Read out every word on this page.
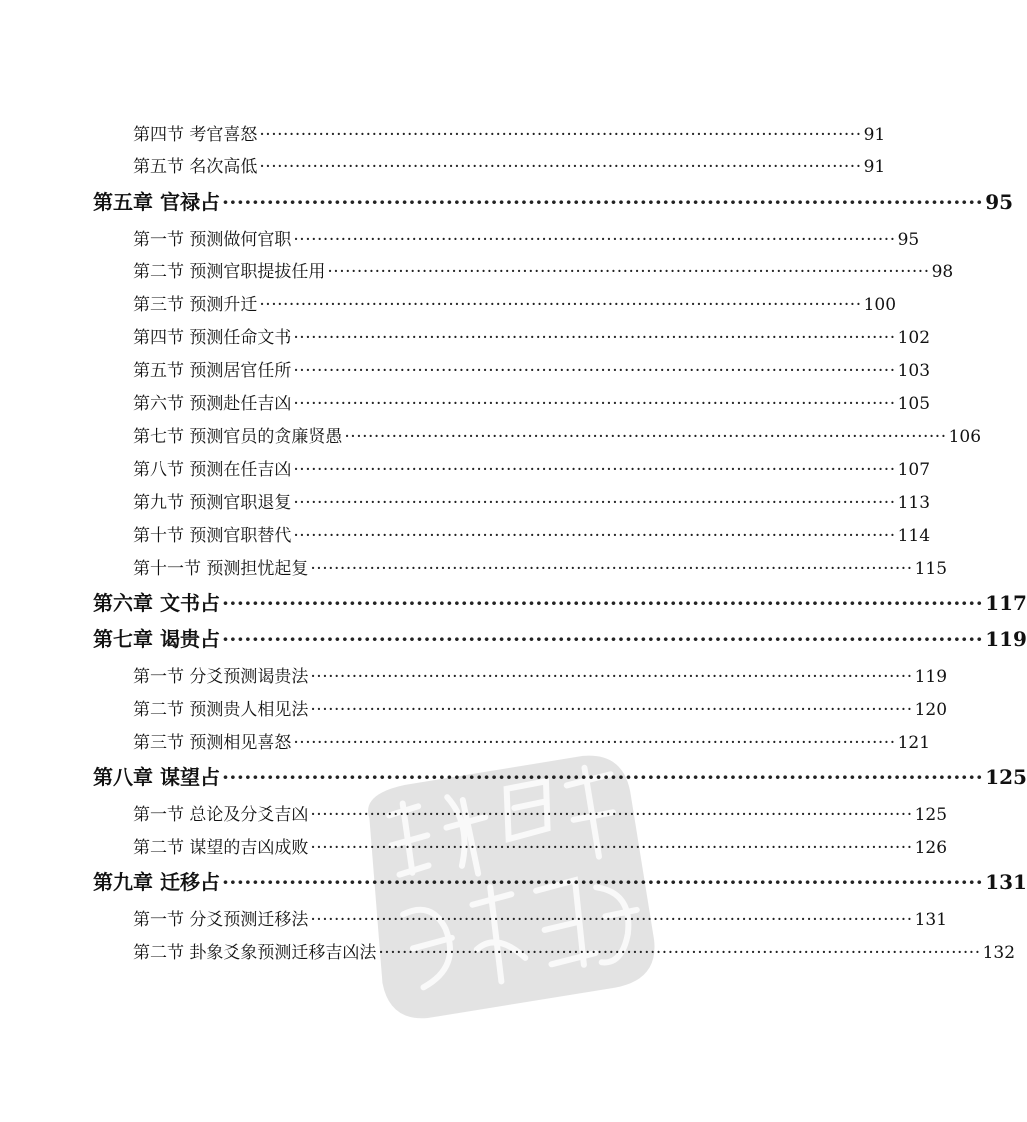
第四节 考官喜怒 ······································································································ 91
第五节 名次高低 ······································································································ 91
第五章 官禄占 ······································································································ 95
第一节 预测做何官职 ······································································································ 95
第二节 预测官职提拔任用 ······································································································ 98
第三节 预测升迁 ······································································································ 100
第四节 预测任命文书 ······································································································ 102
第五节 预测居官任所 ······································································································ 103
第六节 预测赴任吉凶 ······································································································ 105
第七节 预测官员的贪廉贤愚 ······································································································ 106
第八节 预测在任吉凶 ······································································································ 107
第九节 预测官职退复 ······································································································ 113
第十节 预测官职替代 ······································································································ 114
第十一节 预测担忧起复 ······································································································ 115
第六章 文书占 ······································································································ 117
第七章 谒贵占 ······································································································ 119
第一节 分爻预测谒贵法 ······································································································ 119
第二节 预测贵人相见法 ······································································································ 120
第三节 预测相见喜怒 ······································································································ 121
第八章 谋望占 ······································································································ 125
第一节 总论及分爻吉凶 ······································································································ 125
第二节 谋望的吉凶成败 ······································································································ 126
第九章 迁移占 ······································································································ 131
第一节 分爻预测迁移法 ······································································································ 131
第二节 卦象爻象预测迁移吉凶法 ······································································································ 132
